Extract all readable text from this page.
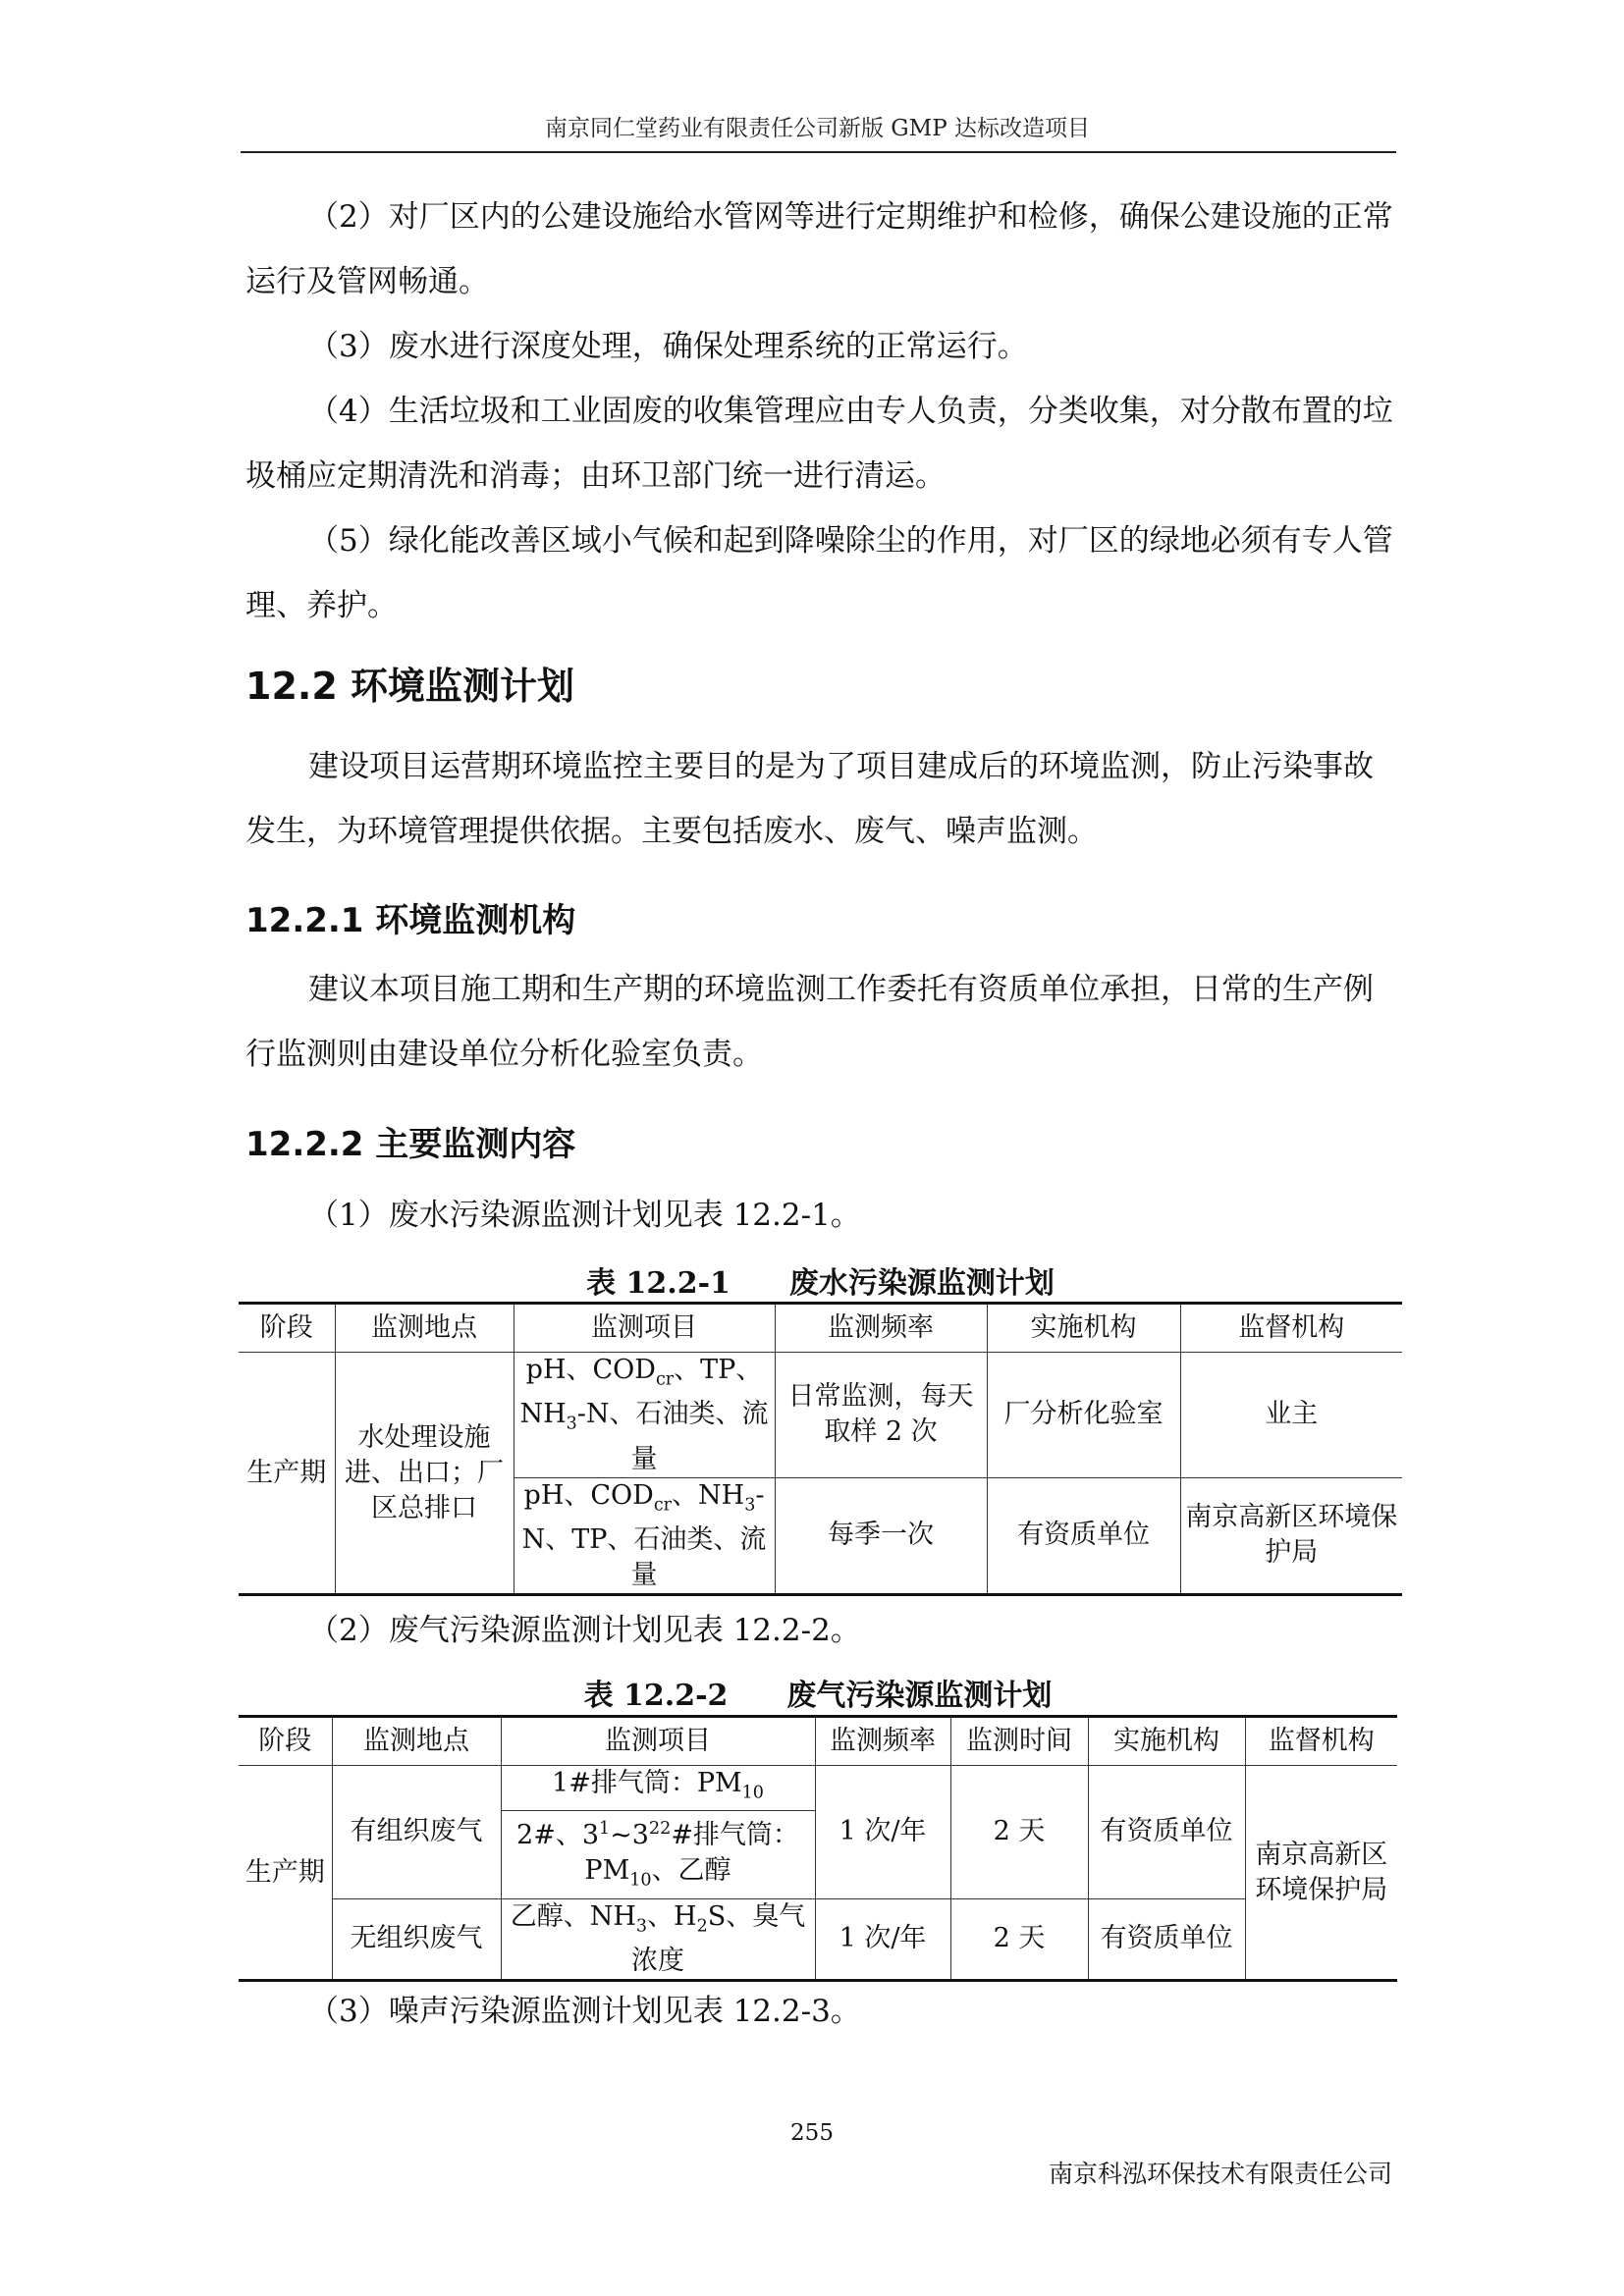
南京同仁堂药业有限责任公司新版 GMP 达标改造项目
（2）对厂区内的公建设施给水管网等进行定期维护和检修，确保公建设施的正常运行及管网畅通。
（3）废水进行深度处理，确保处理系统的正常运行。
（4）生活垃圾和工业固废的收集管理应由专人负责，分类收集，对分散布置的垃圾桶应定期清洗和消毒；由环卫部门统一进行清运。
（5）绿化能改善区域小气候和起到降噪除尘的作用，对厂区的绿地必须有专人管理、养护。
12.2 环境监测计划
建设项目运营期环境监控主要目的是为了项目建成后的环境监测，防止污染事故发生，为环境管理提供依据。主要包括废水、废气、噪声监测。
12.2.1 环境监测机构
建议本项目施工期和生产期的环境监测工作委托有资质单位承担，日常的生产例行监测则由建设单位分析化验室负责。
12.2.2 主要监测内容
（1）废水污染源监测计划见表 12.2-1。
表 12.2-1　　废水污染源监测计划
阶段	监测地点	监测项目	监测频率	实施机构	监督机构
生产期	水处理设施进、出口；厂区总排口	pH、$COD_{cr}$、TP、$NH_3-N$、石油类、流量	日常监测，每天取样 2 次	厂分析化验室	业主
		pH、$COD_{cr}$、$NH_3-N$、TP、石油类、流量	每季一次	有资质单位	南京高新区环境保护局
（2）废气污染源监测计划见表 12.2-2。
表 12.2-2　　废气污染源监测计划
阶段	监测地点	监测项目	监测频率	监测时间	实施机构	监督机构
生产期	有组织废气	1#排气筒：$PM_{10}$	1 次/年	2 天	有资质单位	南京高新区环境保护局
		2#、$3^1\sim 3^{22}\#$排气筒：$PM_{10}$、乙醇				
	无组织废气	乙醇、$NH_3$、$H_2S$、臭气浓度	1 次/年	2 天	有资质单位	
（3）噪声污染源监测计划见表 12.2-3。
255
南京科泓环保技术有限责任公司
